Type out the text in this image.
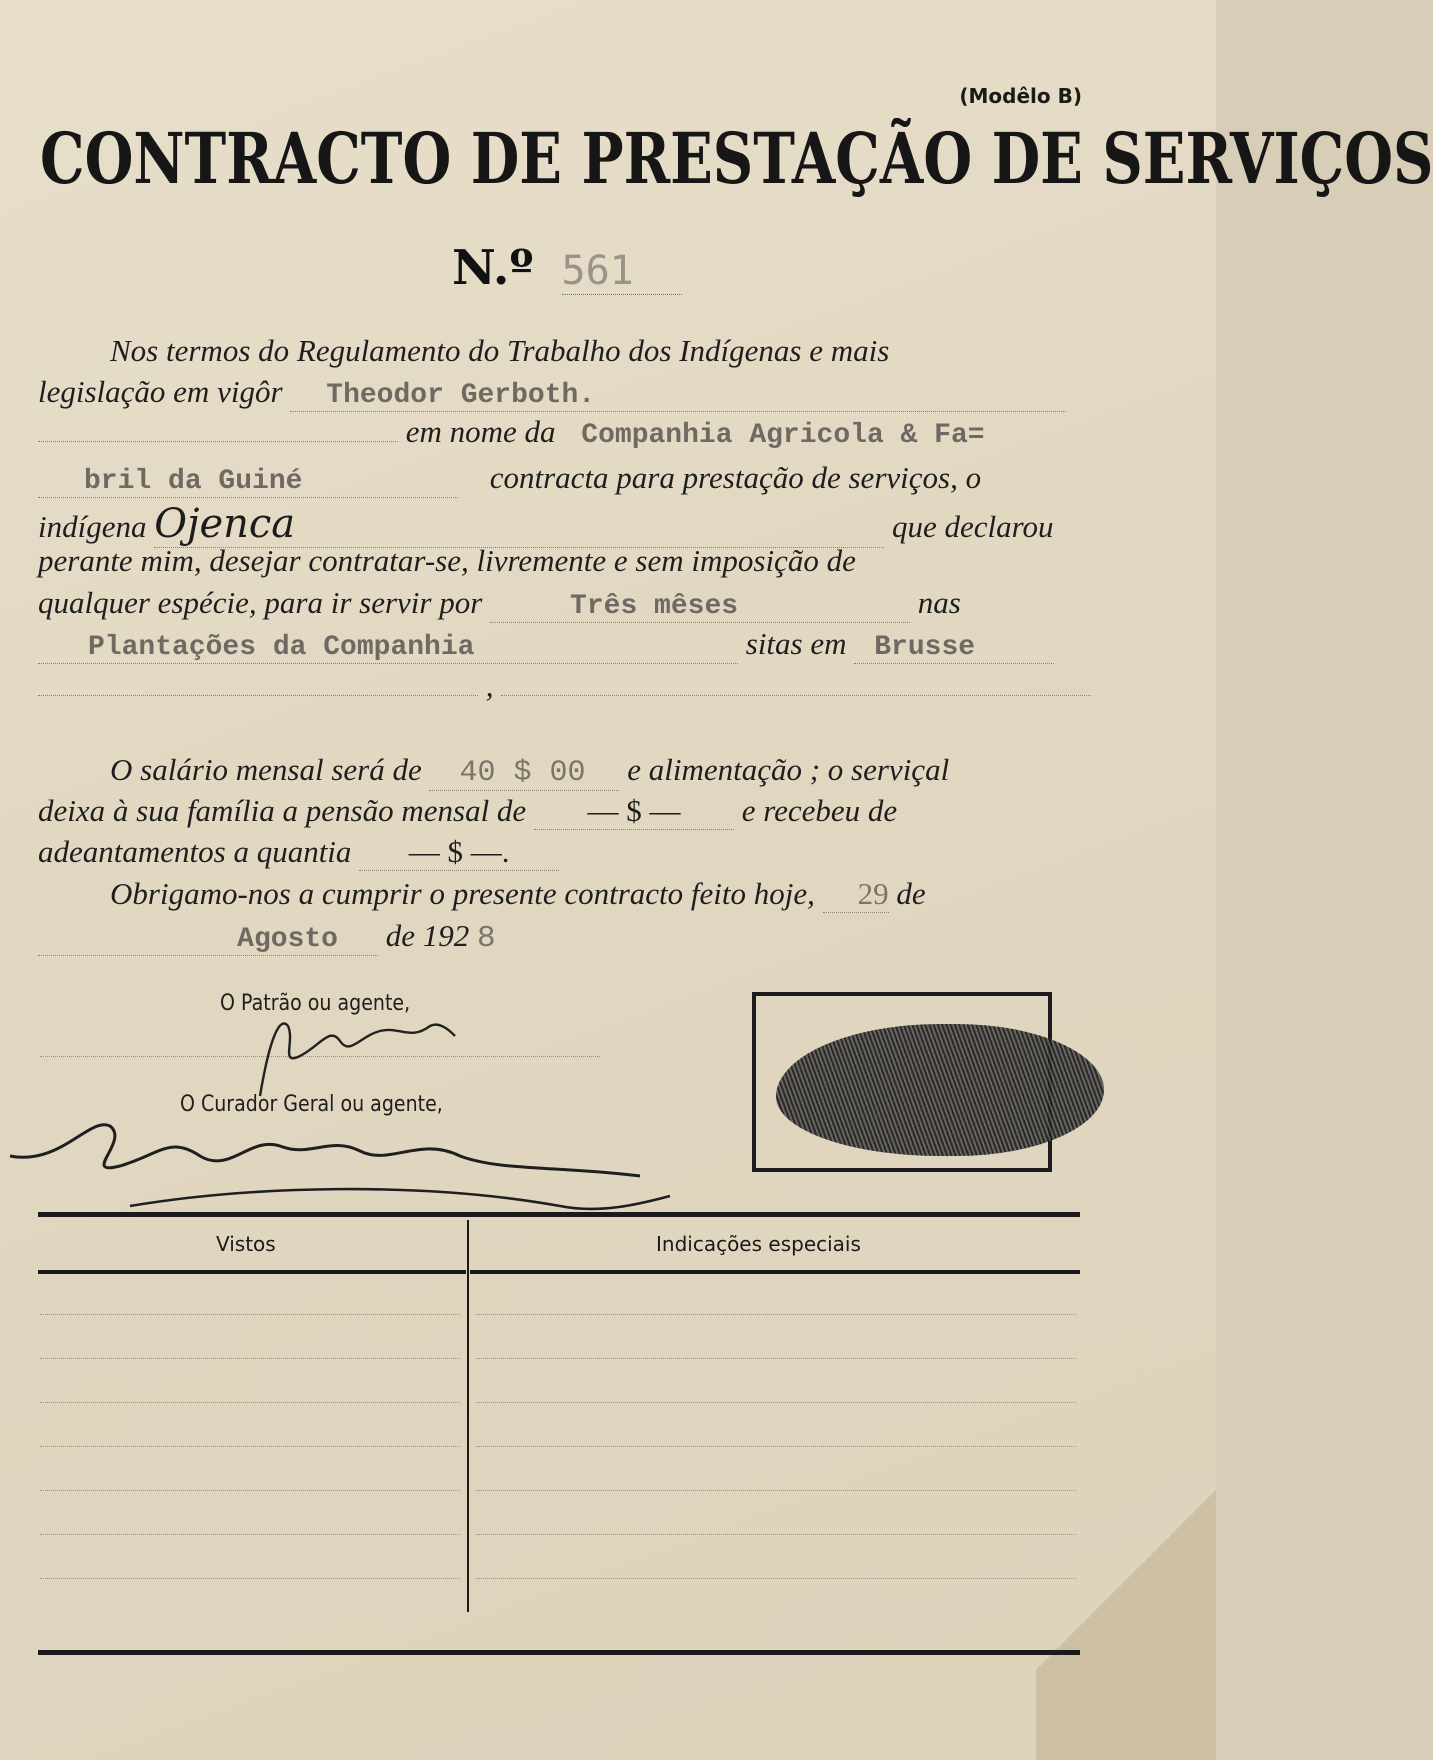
(Modêlo B)
CONTRACTO DE PRESTAÇÃO DE SERVIÇOS
N.º 561
Nos termos do Regulamento do Trabalho dos Indígenas e mais
legislação em vigôr Theodor Gerboth.
em nome da Companhia Agricola & Fa=
bril da Guiné	contracta para prestação de serviços, o
indígena Ojenca	que declarou
perante mim, desejar contratar-se, livremente e sem imposição de
qualquer espécie, para ir servir por	Três mêses	nas
Plantações da Companhia	sitas em Brusse
,
O salário mensal será de 40 $ 00 e alimentação ; o serviçal
deixa à sua família a pensão mensal de — $ — e recebeu de
adeantamentos a quantia — $ —.
Obrigamo-nos a cumprir o presente contracto feito hoje, 29 de
Agosto de 192 8
O Patrão ou agente,
O Curador Geral ou agente,
Vistos	Indicações especiais
